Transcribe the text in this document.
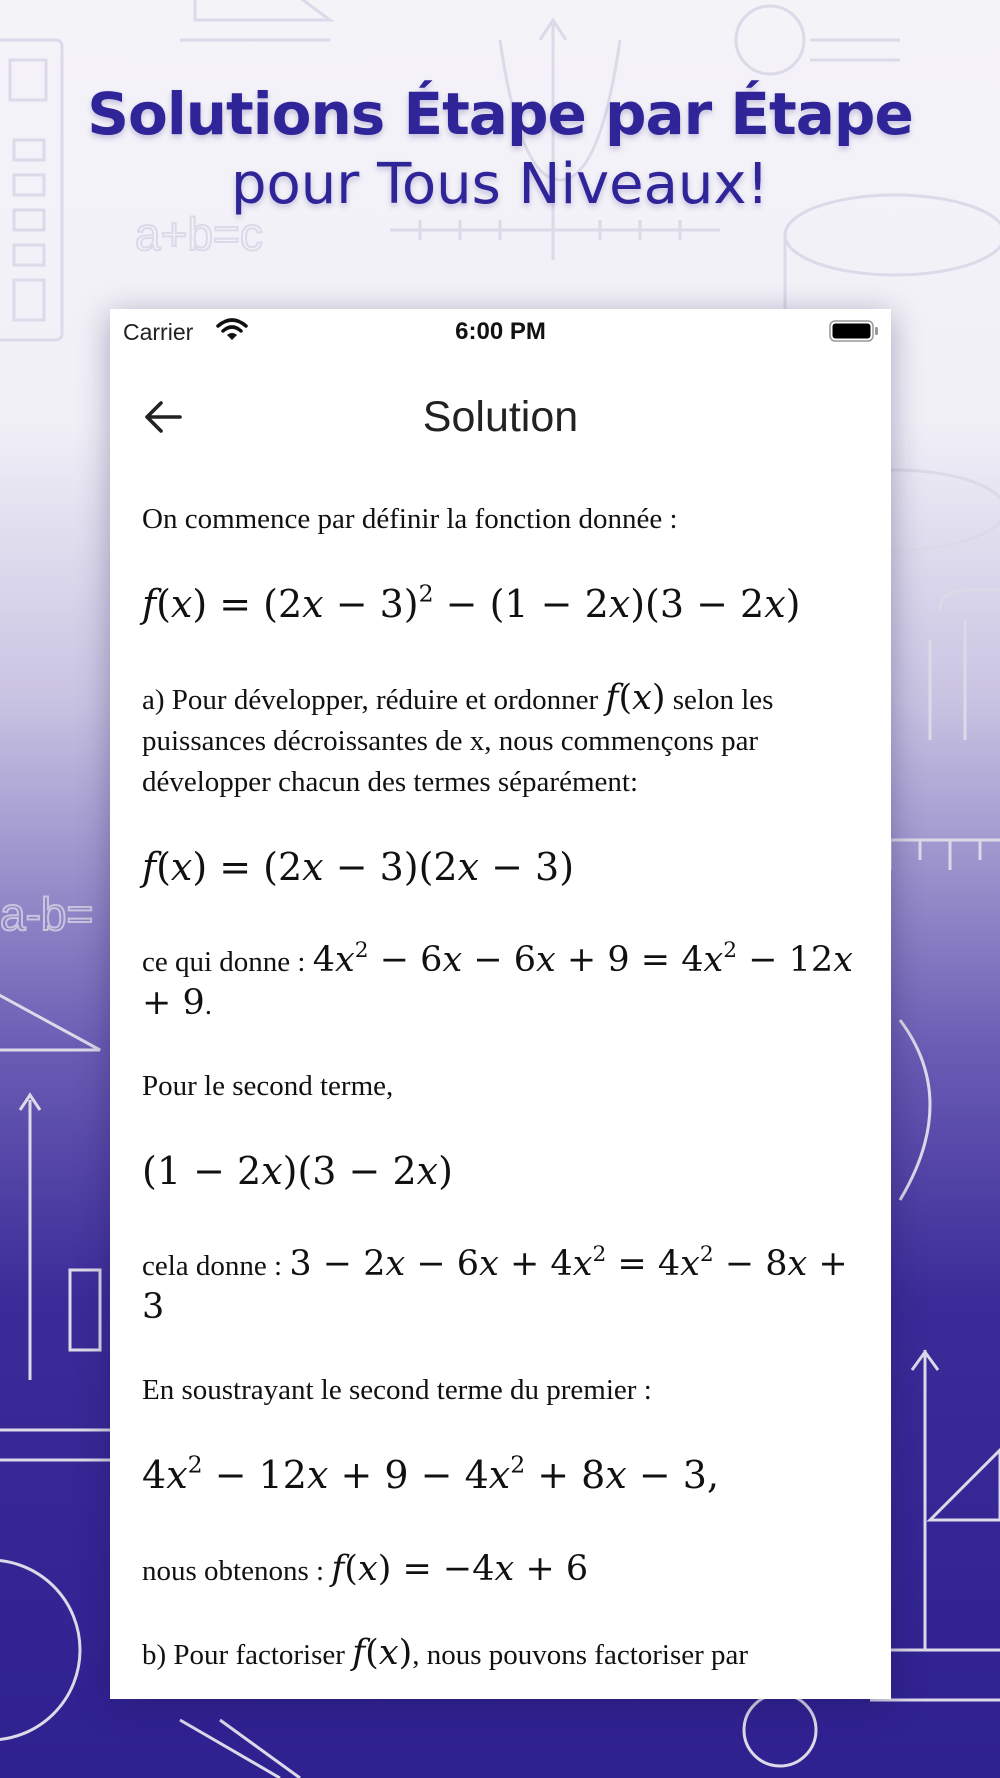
a+b=c
a-b=
Solutions Étape par Étape
pour Tous Niveaux!
Carrier	6:00 PM
Solution

On commence par définir la fonction donnée :

$f(x) = (2x - 3)^2 - (1 - 2x)(3 - 2x)$

a) Pour développer, réduire et ordonner f(x) selon les puissances décroissantes de x, nous commençons par développer chacun des termes séparément:

f(x) = (2x − 3)(2x − 3)

ce qui donne : $4x^2 - 6x - 6x + 9 = 4x^2 - 12x + 9$.

Pour le second terme,

(1 − 2x)(3 − 2x)

cela donne : $3 - 2x - 6x + 4x^2 = 4x^2 - 8x + 3$

En soustrayant le second terme du premier :

$4x^2 - 12x + 9 - 4x^2 + 8x - 3$,

nous obtenons : f(x) = −4x + 6

b) Pour factoriser f(x), nous pouvons factoriser par
